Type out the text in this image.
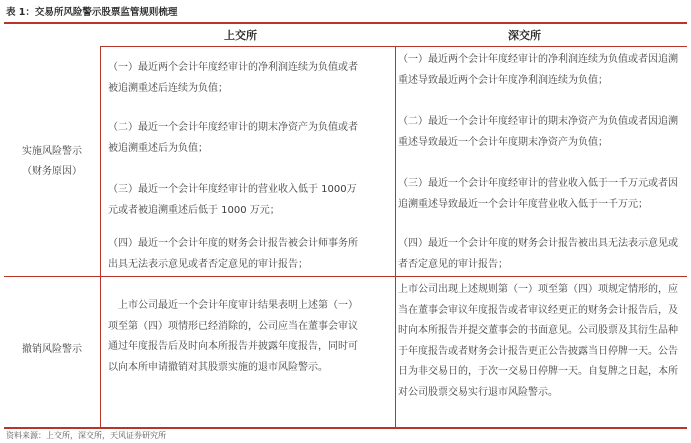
表 1：交易所风险警示股票监管规则梳理
上交所	深交所
实施风险警示
（财务原因）
（一）最近两个会计年度经审计的净利润连续为负值或者被追溯重述后连续为负值；
（二）最近一个会计年度经审计的期末净资产为负值或者被追溯重述后为负值；
（三）最近一个会计年度经审计的营业收入低于 1000万元或者被追溯重述后低于 1000 万元；
（四）最近一个会计年度的财务会计报告被会计师事务所出具无法表示意见或者否定意见的审计报告；
（一）最近两个会计年度经审计的净利润连续为负值或者因追溯重述导致最近两个会计年度净利润连续为负值；
（二）最近一个会计年度经审计的期末净资产为负值或者因追溯重述导致最近一个会计年度期末净资产为负值；
（三）最近一个会计年度经审计的营业收入低于一千万元或者因追溯重述导致最近一个会计年度营业收入低于一千万元；
（四）最近一个会计年度的财务会计报告被出具无法表示意见或者否定意见的审计报告；
撤销风险警示
上市公司最近一个会计年度审计结果表明上述第（一）项至第（四）项情形已经消除的，公司应当在董事会审议通过年度报告后及时向本所报告并披露年度报告，同时可以向本所申请撤销对其股票实施的退市风险警示。
上市公司出现上述规则第（一）项至第（四）项规定情形的，应当在董事会审议年度报告或者审议经更正的财务会计报告后，及时向本所报告并提交董事会的书面意见。公司股票及其衍生品种于年度报告或者财务会计报告更正公告披露当日停牌一天。公告日为非交易日的，于次一交易日停牌一天。自复牌之日起，本所对公司股票交易实行退市风险警示。
资料来源：上交所，深交所，天风证券研究所
